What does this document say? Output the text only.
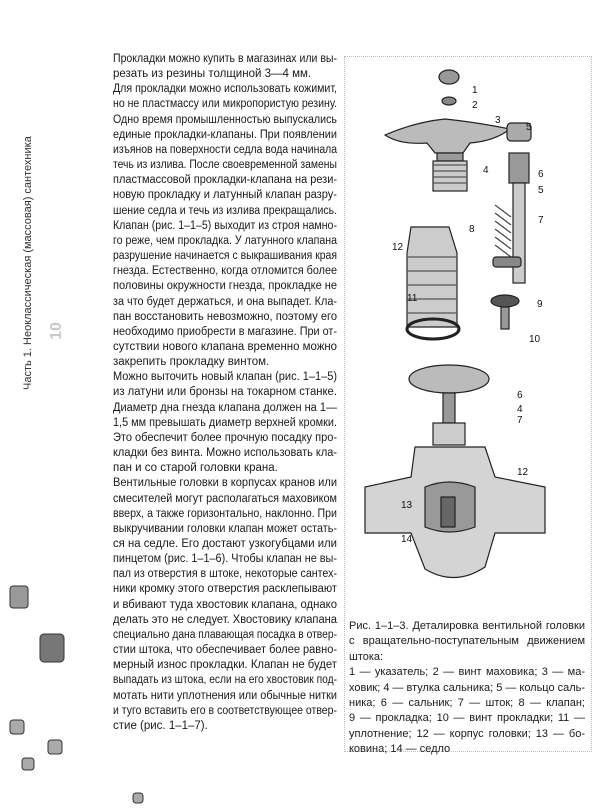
Часть 1. Неоклассическая (массовая) сантехника 10
Прокладки можно купить в магазинах или вы-
резать из резины толщиной 3—4 мм.
Для прокладки можно использовать кожимит,
но не пластмассу или микропористую резину.
Одно время промышленностью выпускались
единые прокладки-клапаны. При появлении
изъянов на поверхности седла вода начинала
течь из излива. После своевременной замены
пластмассовой прокладки-клапана на рези-
новую прокладку и латунный клапан разру-
шение седла и течь из излива прекращались.
Клапан (рис. 1–1–5) выходит из строя намно-
го реже, чем прокладка. У латунного клапана
разрушение начинается с выкрашивания края
гнезда. Естественно, когда отломится более
половины окружности гнезда, прокладке не
за что будет держаться, и она выпадет. Кла-
пан восстановить невозможно, поэтому его
необходимо приобрести в магазине. При от-
сутствии нового клапана временно можно
закрепить прокладку винтом.
Можно выточить новый клапан (рис. 1–1–5)
из латуни или бронзы на токарном станке.
Диаметр дна гнезда клапана должен на 1—
1,5 мм превышать диаметр верхней кромки.
Это обеспечит более прочную посадку про-
кладки без винта. Можно использовать кла-
пан и со старой головки крана.
Вентильные головки в корпусах кранов или
смесителей могут располагаться маховиком
вверх, а также горизонтально, наклонно. При
выкручивании головки клапан может остать-
ся на седле. Его достают узкогубцами или
пинцетом (рис. 1–1–6). Чтобы клапан не вы-
пал из отверстия в штоке, некоторые сантех-
ники кромку этого отверстия расклепывают
и вбивают туда хвостовик клапана, однако
делать это не следует. Хвостовику клапана
специально дана плавающая посадка в отвер-
стии штока, что обеспечивает более равно-
мерный износ прокладки. Клапан не будет
выпадать из штока, если на его хвостовик под-
мотать нити уплотнения или обычные нитки
и туго вставить его в соответствующее отвер-
стие (рис. 1–1–7).
1
2
3
5
4	6
5
7
8
12
11
9
10
6
4
7
12
13
14
Рис. 1–1–3. Деталировка вентильной головки
с вращательно-поступательным движением
штока:
1 — указатель; 2 — винт маховика; 3 — ма-
ховик; 4 — втулка сальника; 5 — кольцо саль-
ника; 6 — сальник; 7 — шток; 8 — клапан;
9 — прокладка; 10 — винт прокладки; 11 —
уплотнение; 12 — корпус головки; 13 — бо-
ковина; 14 — седло
